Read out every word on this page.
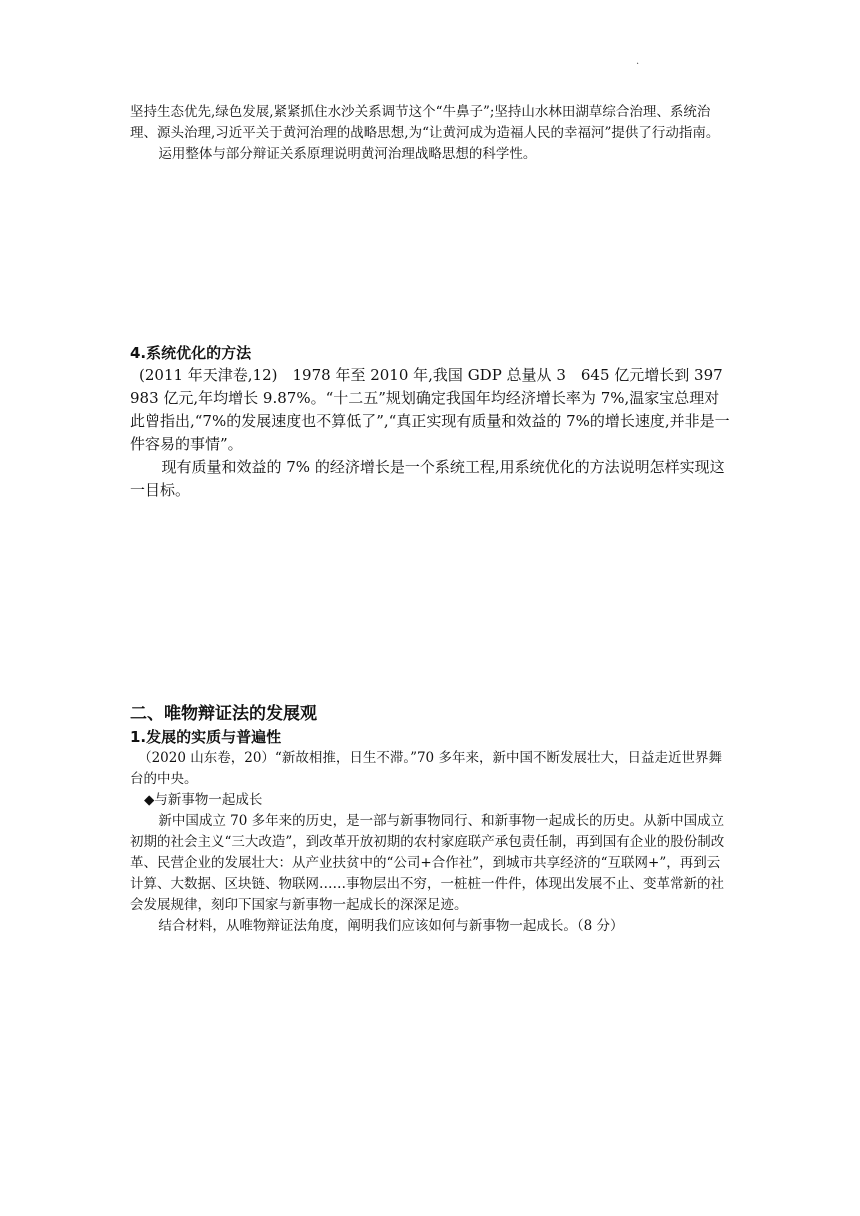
.

坚持生态优先,绿色发展,紧紧抓住水沙关系调节这个“牛鼻子”;坚持山水林田湖草综合治理、系统治理、源头治理,习近平关于黄河治理的战略思想,为“让黄河成为造福人民的幸福河”提供了行动指南。

运用整体与部分辩证关系原理说明黄河治理战略思想的科学性。

4.系统优化的方法

(2011 年天津卷,12)　1978 年至 2010 年,我国 GDP 总量从 3　645 亿元增长到 397 983 亿元,年均增长 9.87%。“十二五”规划确定我国年均经济增长率为 7%,温家宝总理对此曾指出,“7%的发展速度也不算低了”,“真正实现有质量和效益的 7%的增长速度,并非是一件容易的事情”。

现有质量和效益的 7% 的经济增长是一个系统工程,用系统优化的方法说明怎样实现这一目标。

二、唯物辩证法的发展观

1.发展的实质与普遍性

（2020 山东卷，20）“新故相推，日生不滞。”70 多年来，新中国不断发展壮大，日益走近世界舞台的中央。

◆与新事物一起成长

新中国成立 70 多年来的历史，是一部与新事物同行、和新事物一起成长的历史。从新中国成立初期的社会主义“三大改造”，到改革开放初期的农村家庭联产承包责任制，再到国有企业的股份制改革、民营企业的发展壮大：从产业扶贫中的“公司+合作社”，到城市共享经济的“互联网+”，再到云计算、大数据、区块链、物联网……事物层出不穷，一桩桩一件件，体现出发展不止、变革常新的社会发展规律，刻印下国家与新事物一起成长的深深足迹。

结合材料，从唯物辩证法角度，阐明我们应该如何与新事物一起成长。（8 分）
